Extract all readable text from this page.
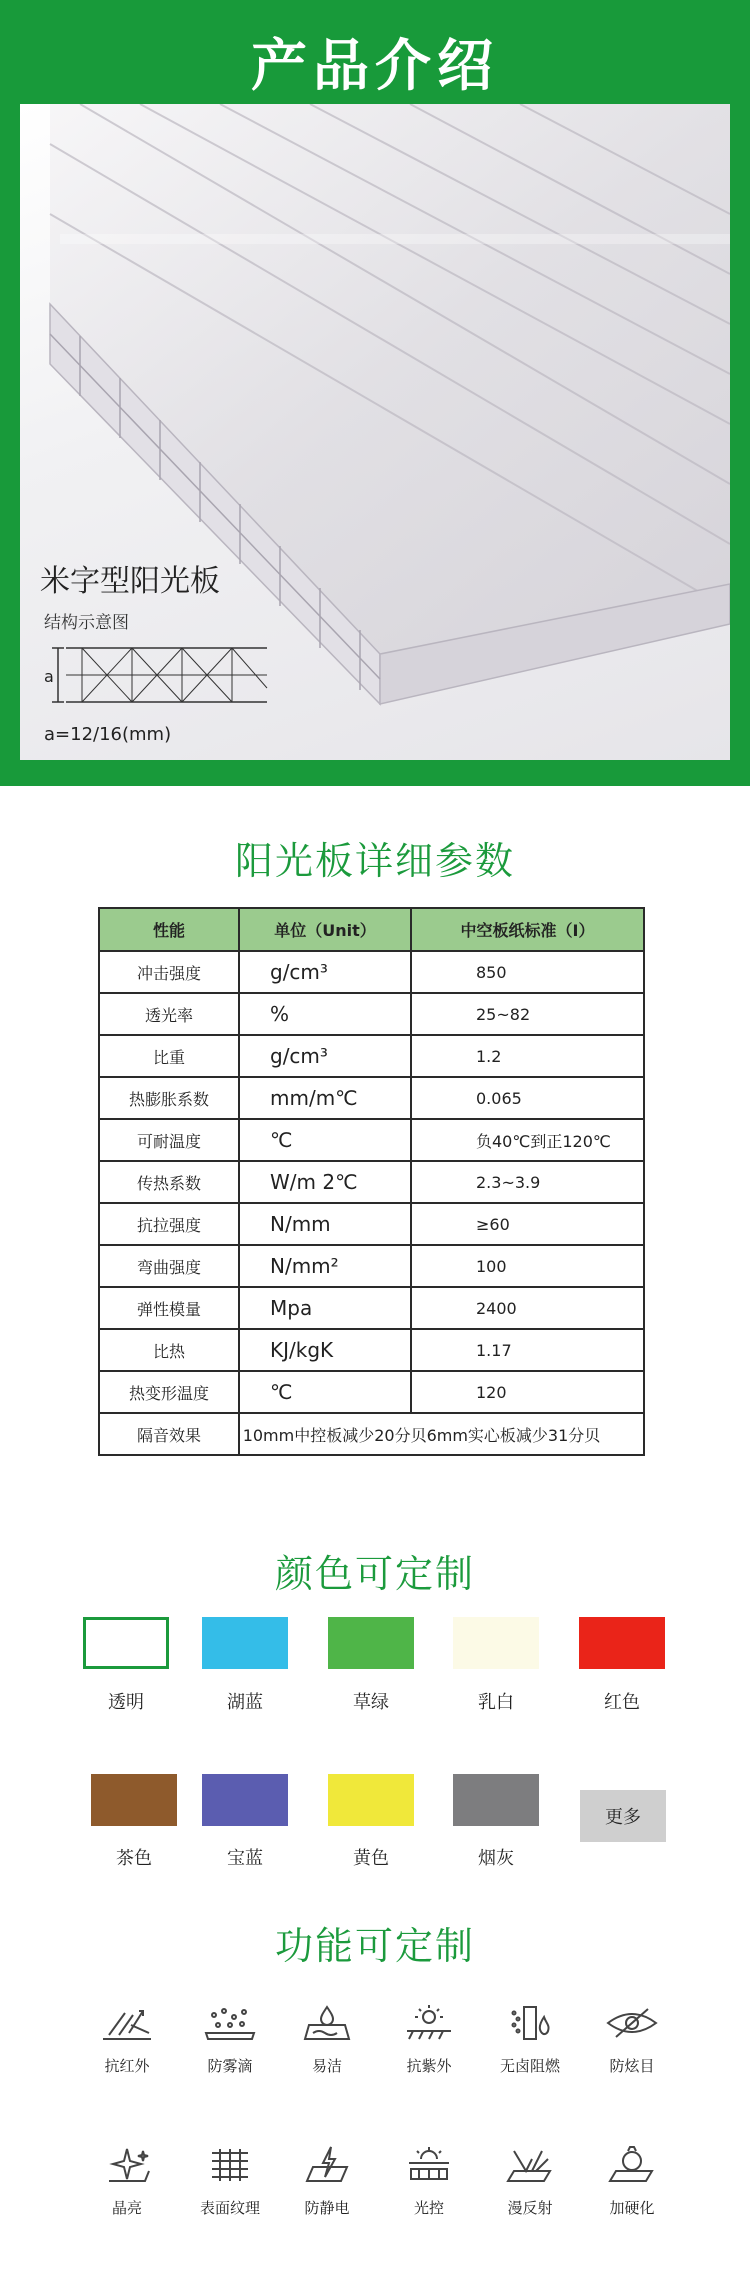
产品介绍
米字型阳光板
结构示意图
a
a=12/16(mm)
阳光板详细参数
性能	单位（Unit）	中空板纸标准（I）
冲击强度	g/cm³	850
透光率	%	25~82
比重	g/cm³	1.2
热膨胀系数	mm/m℃	0.065
可耐温度	℃	负40℃到正120℃
传热系数	W/m 2℃	2.3~3.9
抗拉强度	N/mm	≥60
弯曲强度	N/mm²	100
弹性模量	Mpa	2400
比热	KJ/kgK	1.17
热变形温度	℃	120
隔音效果	10mm中控板减少20分贝6mm实心板减少31分贝	
颜色可定制
透明	湖蓝	草绿	乳白	红色
茶色	宝蓝	黄色	烟灰
更多
功能可定制
抗红外	防雾滴	易洁	抗紫外	无卤阻燃	防炫目
晶亮	表面纹理	防静电	光控	漫反射	加硬化
